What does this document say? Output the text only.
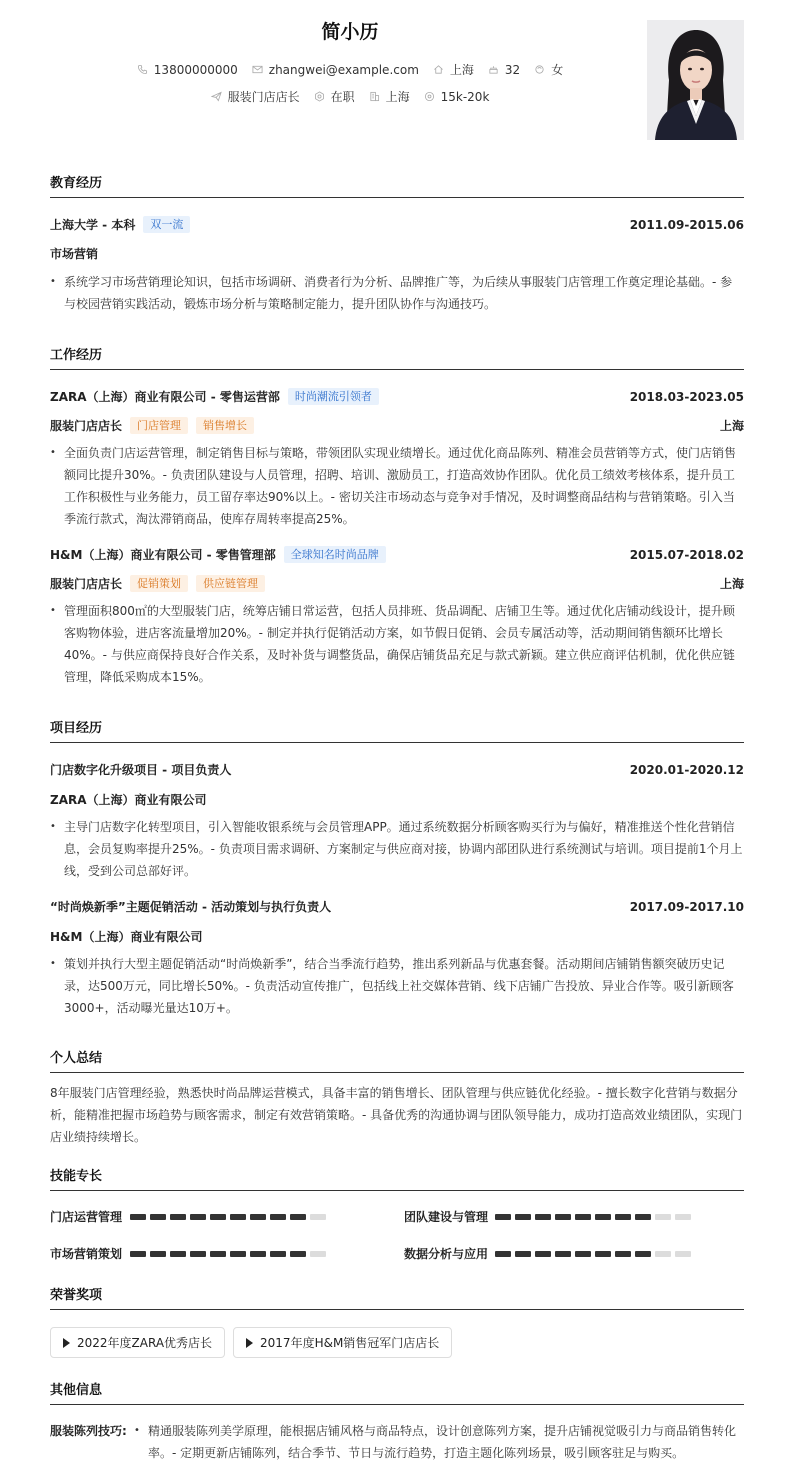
简小历
13800000000	zhangwei@example.com	上海	32	女
服装门店店长	在职	上海	15k-20k
教育经历
上海大学 - 本科	双一流	2011.09-2015.06
市场营销
• 系统学习市场营销理论知识，包括市场调研、消费者行为分析、品牌推广等，为后续从事服装门店管理工作奠定理论基础。- 参与校园营销实践活动，锻炼市场分析与策略制定能力，提升团队协作与沟通技巧。
工作经历
ZARA（上海）商业有限公司 - 零售运营部	时尚潮流引领者	2018.03-2023.05
服装门店店长	门店管理	销售增长	上海
• 全面负责门店运营管理，制定销售目标与策略，带领团队实现业绩增长。通过优化商品陈列、精准会员营销等方式，使门店销售额同比提升30%。- 负责团队建设与人员管理，招聘、培训、激励员工，打造高效协作团队。优化员工绩效考核体系，提升员工工作积极性与业务能力，员工留存率达90%以上。- 密切关注市场动态与竞争对手情况，及时调整商品结构与营销策略。引入当季流行款式，淘汰滞销商品，使库存周转率提高25%。
H&M（上海）商业有限公司 - 零售管理部	全球知名时尚品牌	2015.07-2018.02
服装门店店长	促销策划	供应链管理	上海
• 管理面积800㎡的大型服装门店，统筹店铺日常运营，包括人员排班、货品调配、店铺卫生等。通过优化店铺动线设计，提升顾客购物体验，进店客流量增加20%。- 制定并执行促销活动方案，如节假日促销、会员专属活动等，活动期间销售额环比增长40%。- 与供应商保持良好合作关系，及时补货与调整货品，确保店铺货品充足与款式新颖。建立供应商评估机制，优化供应链管理，降低采购成本15%。
项目经历
门店数字化升级项目 - 项目负责人	2020.01-2020.12
ZARA（上海）商业有限公司
• 主导门店数字化转型项目，引入智能收银系统与会员管理APP。通过系统数据分析顾客购买行为与偏好，精准推送个性化营销信息，会员复购率提升25%。- 负责项目需求调研、方案制定与供应商对接，协调内部团队进行系统测试与培训。项目提前1个月上线，受到公司总部好评。
“时尚焕新季”主题促销活动 - 活动策划与执行负责人	2017.09-2017.10
H&M（上海）商业有限公司
• 策划并执行大型主题促销活动“时尚焕新季”，结合当季流行趋势，推出系列新品与优惠套餐。活动期间店铺销售额突破历史记录，达500万元，同比增长50%。- 负责活动宣传推广，包括线上社交媒体营销、线下店铺广告投放、异业合作等。吸引新顾客3000+，活动曝光量达10万+。
个人总结
8年服装门店管理经验，熟悉快时尚品牌运营模式，具备丰富的销售增长、团队管理与供应链优化经验。- 擅长数字化营销与数据分析，能精准把握市场趋势与顾客需求，制定有效营销策略。- 具备优秀的沟通协调与团队领导能力，成功打造高效业绩团队，实现门店业绩持续增长。
技能专长
门店运营管理	团队建设与管理
市场营销策划	数据分析与应用
荣誉奖项
2022年度ZARA优秀店长	2017年度H&M销售冠军门店店长
其他信息
服装陈列技巧: • 精通服装陈列美学原理，能根据店铺风格与商品特点，设计创意陈列方案，提升店铺视觉吸引力与商品销售转化率。- 定期更新店铺陈列，结合季节、节日与流行趋势，打造主题化陈列场景，吸引顾客驻足与购买。
